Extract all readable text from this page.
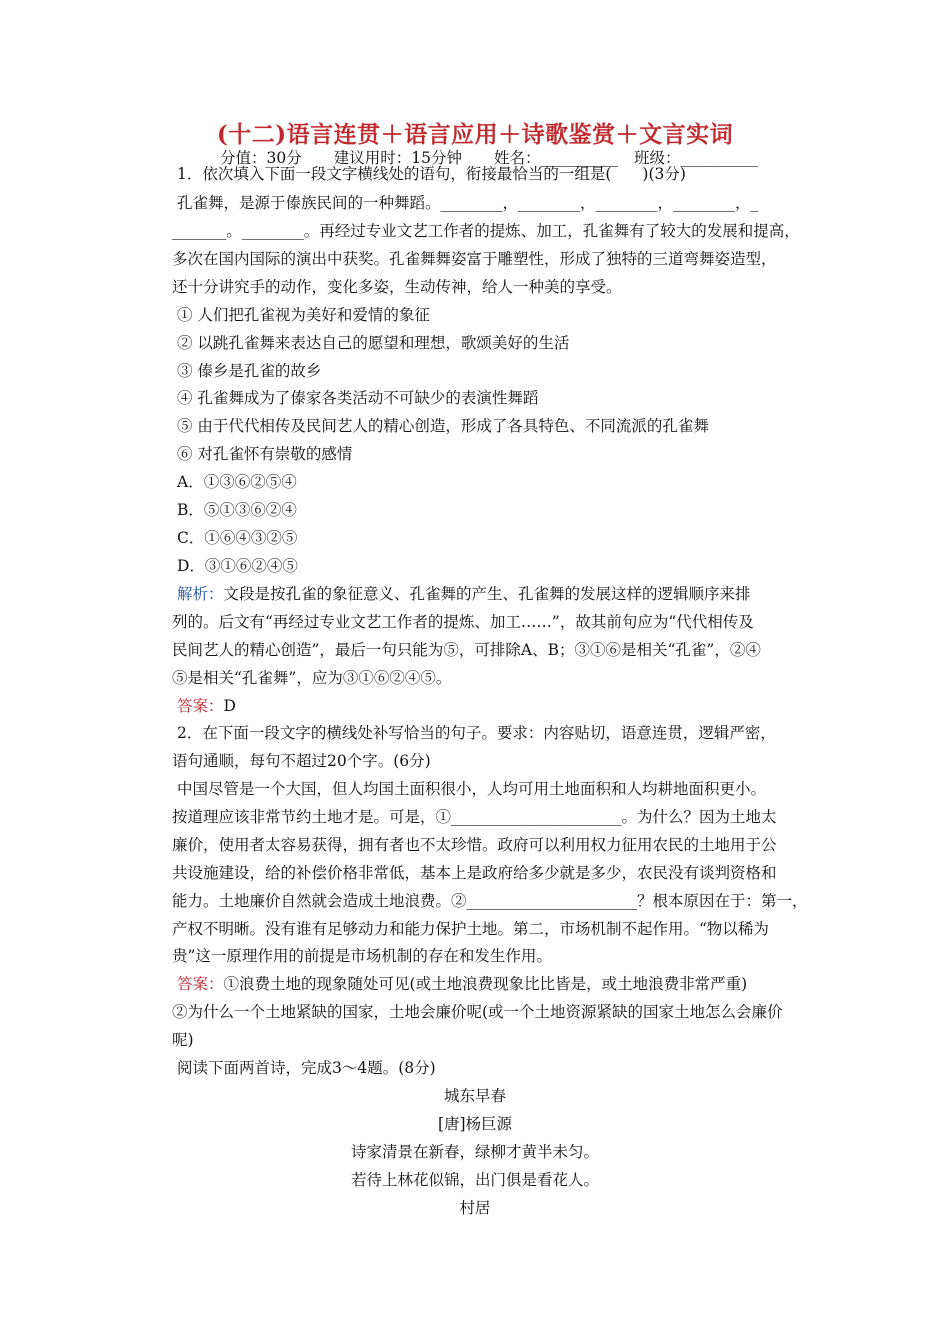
(十二)语言连贯＋语言应用＋诗歌鉴赏＋文言实词
分值：30分 建议用时：15分钟 姓名：__________ 班级：__________
1．依次填入下面一段文字横线处的语句，衔接最恰当的一组是(　　)(3分)
孔雀舞，是源于傣族民间的一种舞蹈。________，________，________，________，_
_______。________。再经过专业文艺工作者的提炼、加工，孔雀舞有了较大的发展和提高，
多次在国内国际的演出中获奖。孔雀舞舞姿富于雕塑性，形成了独特的三道弯舞姿造型，
还十分讲究手的动作，变化多姿，生动传神，给人一种美的享受。
① 人们把孔雀视为美好和爱情的象征
② 以跳孔雀舞来表达自己的愿望和理想，歌颂美好的生活
③ 傣乡是孔雀的故乡
④ 孔雀舞成为了傣家各类活动不可缺少的表演性舞蹈
⑤ 由于代代相传及民间艺人的精心创造，形成了各具特色、不同流派的孔雀舞
⑥ 对孔雀怀有崇敬的感情
A．①③⑥②⑤④
B．⑤①③⑥②④
C．①⑥④③②⑤
D．③①⑥②④⑤
解析：文段是按孔雀的象征意义、孔雀舞的产生、孔雀舞的发展这样的逻辑顺序来排
列的。后文有“再经过专业文艺工作者的提炼、加工……”，故其前句应为“代代相传及
民间艺人的精心创造”，最后一句只能为⑤，可排除A、B；③①⑥是相关“孔雀”，②④
⑤是相关“孔雀舞”，应为③①⑥②④⑤。
答案：D
2．在下面一段文字的横线处补写恰当的句子。要求：内容贴切，语意连贯，逻辑严密，
语句通顺，每句不超过20个字。(6分)
中国尽管是一个大国，但人均国土面积很小，人均可用土地面积和人均耕地面积更小。
按道理应该非常节约土地才是。可是，①______________________。为什么？因为土地太
廉价，使用者太容易获得，拥有者也不太珍惜。政府可以利用权力征用农民的土地用于公
共设施建设，给的补偿价格非常低，基本上是政府给多少就是多少，农民没有谈判资格和
能力。土地廉价自然就会造成土地浪费。②______________________？根本原因在于：第一，
产权不明晰。没有谁有足够动力和能力保护土地。第二，市场机制不起作用。“物以稀为
贵”这一原理作用的前提是市场机制的存在和发生作用。
答案：①浪费土地的现象随处可见(或土地浪费现象比比皆是，或土地浪费非常严重)
②为什么一个土地紧缺的国家，土地会廉价呢(或一个土地资源紧缺的国家土地怎么会廉价
呢)
阅读下面两首诗，完成3～4题。(8分)
城东早春
[唐]杨巨源
诗家清景在新春，绿柳才黄半未匀。
若待上林花似锦，出门俱是看花人。
村居
